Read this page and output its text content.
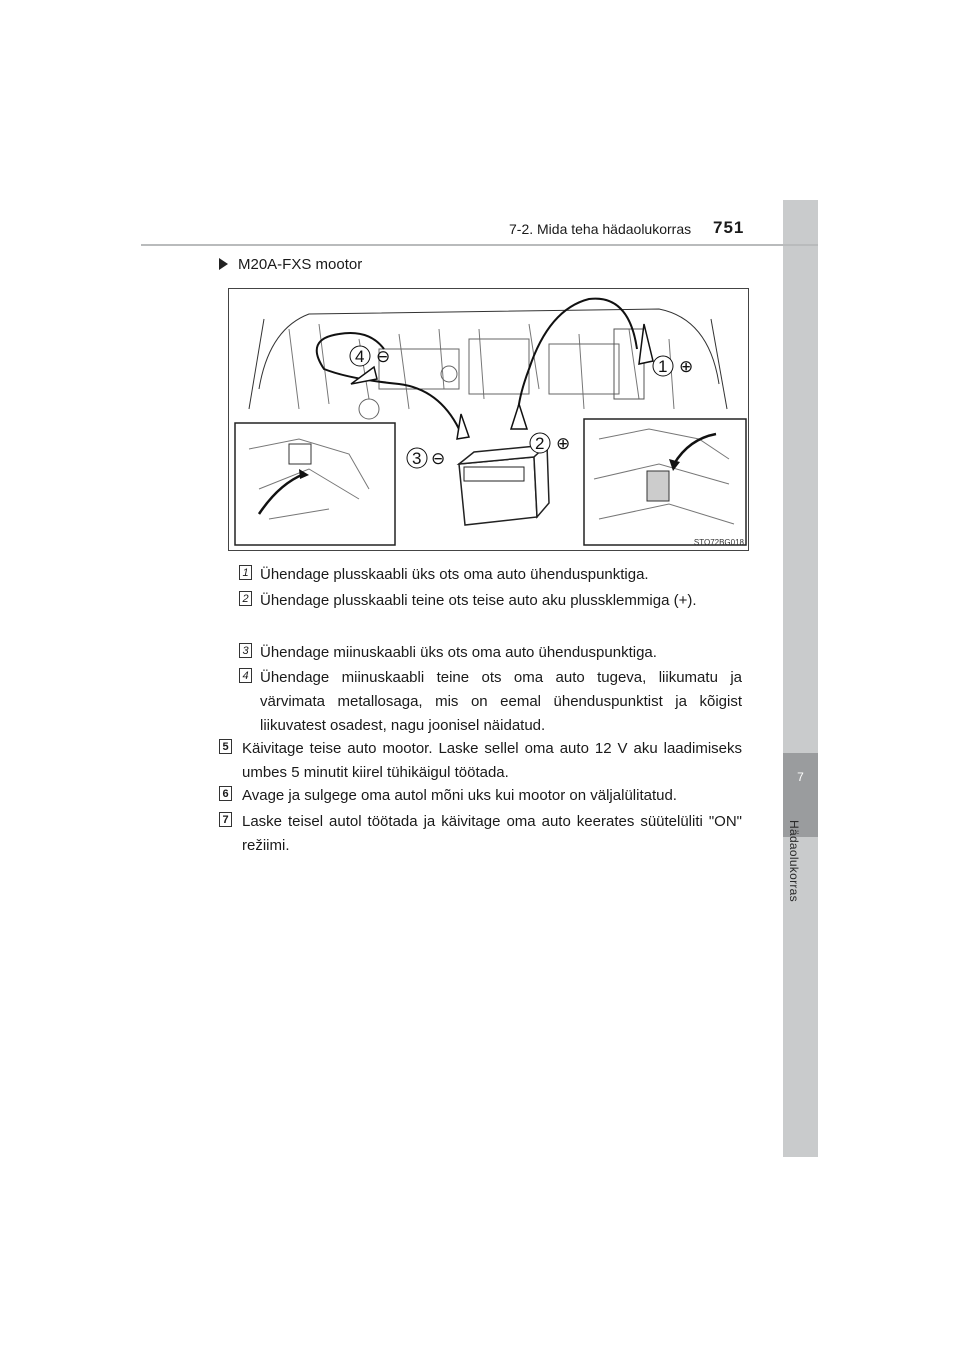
7
Hädaolukorras
7-2. Mida teha hädaolukorras 751
M20A-FXS mootor
1 ⊕
2 ⊕
3 ⊖
4 ⊖
STO72BG018
1 Ühendage plusskaabli üks ots oma auto ühenduspunktiga.
2 Ühendage plusskaabli teine ots teise auto aku plussklemmiga (+).
3 Ühendage miinuskaabli üks ots oma auto ühenduspunktiga.
4 Ühendage miinuskaabli teine ots oma auto tugeva, liikumatu ja värvimata metallosaga, mis on eemal ühenduspunktist ja kõigist liikuvatest osadest, nagu joonisel näidatud.
5 Käivitage teise auto mootor. Laske sellel oma auto 12 V aku laadimiseks umbes 5 minutit kiirel tühikäigul töötada.
6 Avage ja sulgege oma autol mõni uks kui mootor on väljalülitatud.
7 Laske teisel autol töötada ja käivitage oma auto keerates süütelüliti "ON" režiimi.
